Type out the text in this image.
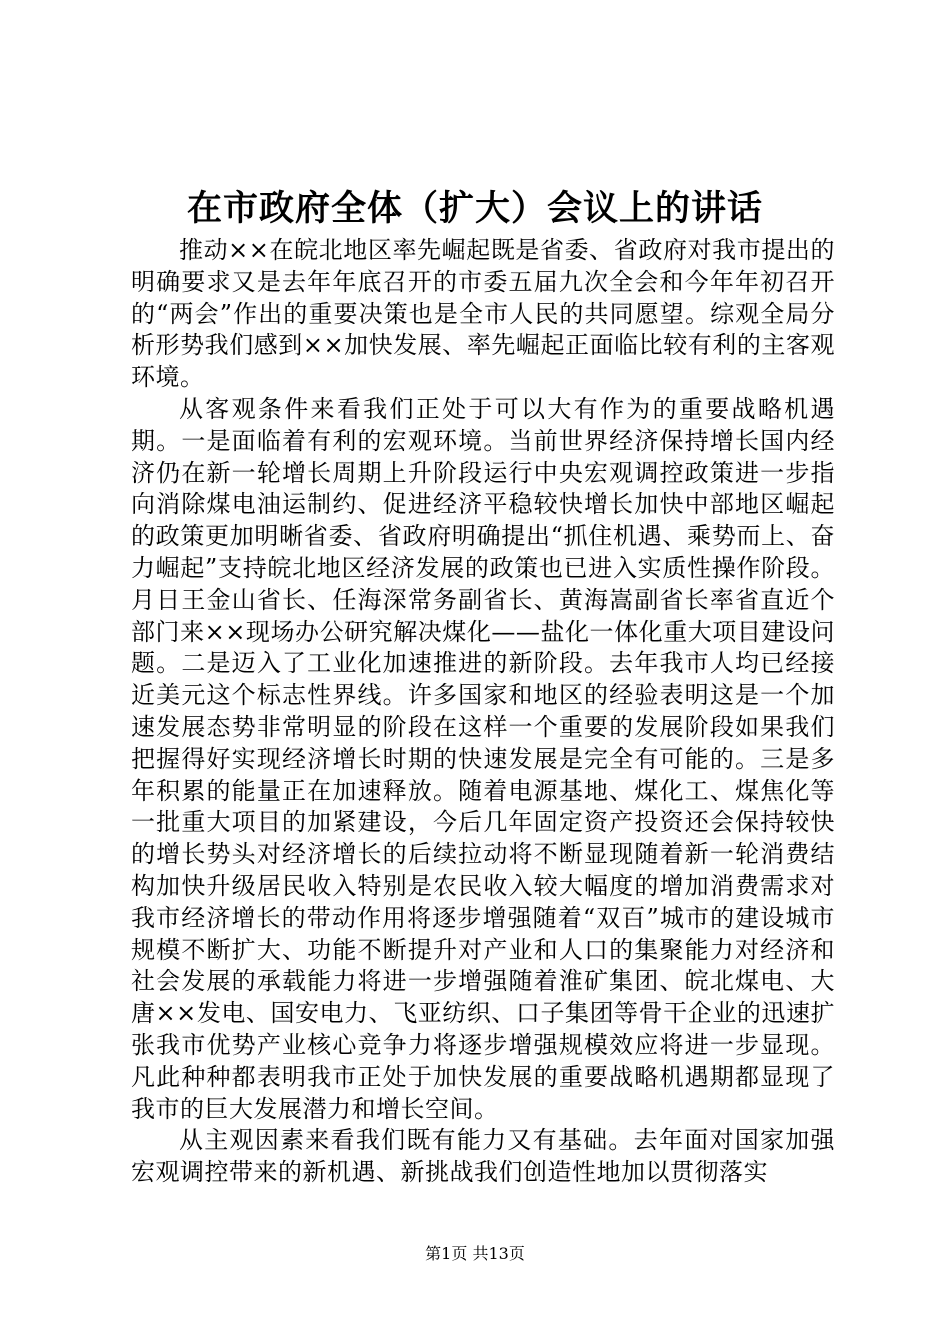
在市政府全体（扩大）会议上的讲话

推动××在皖北地区率先崛起既是省委、省政府对我市提出的明确要求又是去年年底召开的市委五届九次全会和今年年初召开的“两会”作出的重要决策也是全市人民的共同愿望。综观全局分析形势我们感到××加快发展、率先崛起正面临比较有利的主客观环境。

从客观条件来看我们正处于可以大有作为的重要战略机遇期。一是面临着有利的宏观环境。当前世界经济保持增长国内经济仍在新一轮增长周期上升阶段运行中央宏观调控政策进一步指向消除煤电油运制约、促进经济平稳较快增长加快中部地区崛起的政策更加明晰省委、省政府明确提出“抓住机遇、乘势而上、奋力崛起”支持皖北地区经济发展的政策也已进入实质性操作阶段。月日王金山省长、任海深常务副省长、黄海嵩副省长率省直近个部门来××现场办公研究解决煤化——盐化一体化重大项目建设问题。二是迈入了工业化加速推进的新阶段。去年我市人均已经接近美元这个标志性界线。许多国家和地区的经验表明这是一个加速发展态势非常明显的阶段在这样一个重要的发展阶段如果我们把握得好实现经济增长时期的快速发展是完全有可能的。三是多年积累的能量正在加速释放。随着电源基地、煤化工、煤焦化等一批重大项目的加紧建设，今后几年固定资产投资还会保持较快的增长势头对经济增长的后续拉动将不断显现随着新一轮消费结构加快升级居民收入特别是农民收入较大幅度的增加消费需求对我市经济增长的带动作用将逐步增强随着“双百”城市的建设城市规模不断扩大、功能不断提升对产业和人口的集聚能力对经济和社会发展的承载能力将进一步增强随着淮矿集团、皖北煤电、大唐××发电、国安电力、飞亚纺织、口子集团等骨干企业的迅速扩张我市优势产业核心竞争力将逐步增强规模效应将进一步显现。凡此种种都表明我市正处于加快发展的重要战略机遇期都显现了我市的巨大发展潜力和增长空间。

从主观因素来看我们既有能力又有基础。去年面对国家加强宏观调控带来的新机遇、新挑战我们创造性地加以贯彻落实

第1页 共13页
